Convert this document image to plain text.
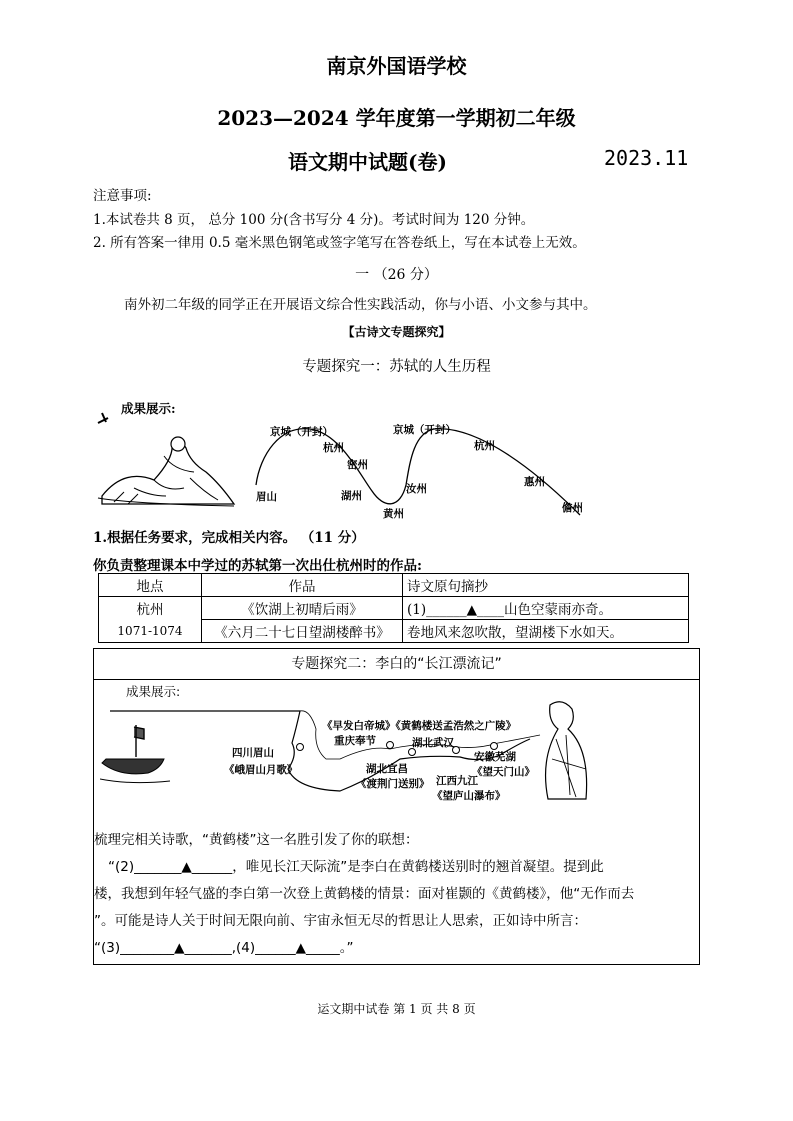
南京外国语学校
2023—2024 学年度第一学期初二年级
语文期中试题(卷)	2023.11
注意事项:
1.本试卷共 8 页， 总分 100 分(含书写分 4 分)。考试时间为 120 分钟。
2. 所有答案一律用 0.5 毫米黑色钢笔或签字笔写在答卷纸上，写在本试卷上无效。
一 （26 分）
南外初二年级的同学正在开展语文综合性实践活动，你与小语、小文参与其中。
【古诗文专题探究】
专题探究一：苏轼的人生历程
成果展示:
京城（开封）
杭州
密州
湖州
黄州
汝州
京城（开封）
杭州
惠州
儋州
眉山
1.根据任务要求，完成相关内容。 （11 分）
你负责整理课本中学过的苏轼第一次出仕杭州时的作品:
地点	作品	诗文原句摘抄
杭州	《饮湖上初晴后雨》	(1)______▲____山色空蒙雨亦奇。
1071-1074	《六月二十七日望湖楼醉书》	卷地风来忽吹散，望湖楼下水如天。
专题探究二：李白的“长江漂流记”
成果展示:
《早发白帝城》《黄鹤楼送孟浩然之广陵》
重庆奉节
四川眉山
《峨眉山月歌》
湖北武汉
安徽芜湖
《望天门山》
湖北宜昌
《渡荆门送别》 江西九江
《望庐山瀑布》
梳理完相关诗歌，“黄鹤楼”这一名胜引发了你的联想：
“(2)_______▲______，唯见长江天际流”是李白在黄鹤楼送别时的翘首凝望。提到此
楼，我想到年轻气盛的李白第一次登上黄鹤楼的情景：面对崔颢的《黄鹤楼》，他“无作而去
”。可能是诗人关于时间无限向前、宇宙永恒无尽的哲思让人思索，正如诗中所言：
“(3)________▲_______,(4)______▲_____。”
运文期中试卷 第 1 页 共 8 页
